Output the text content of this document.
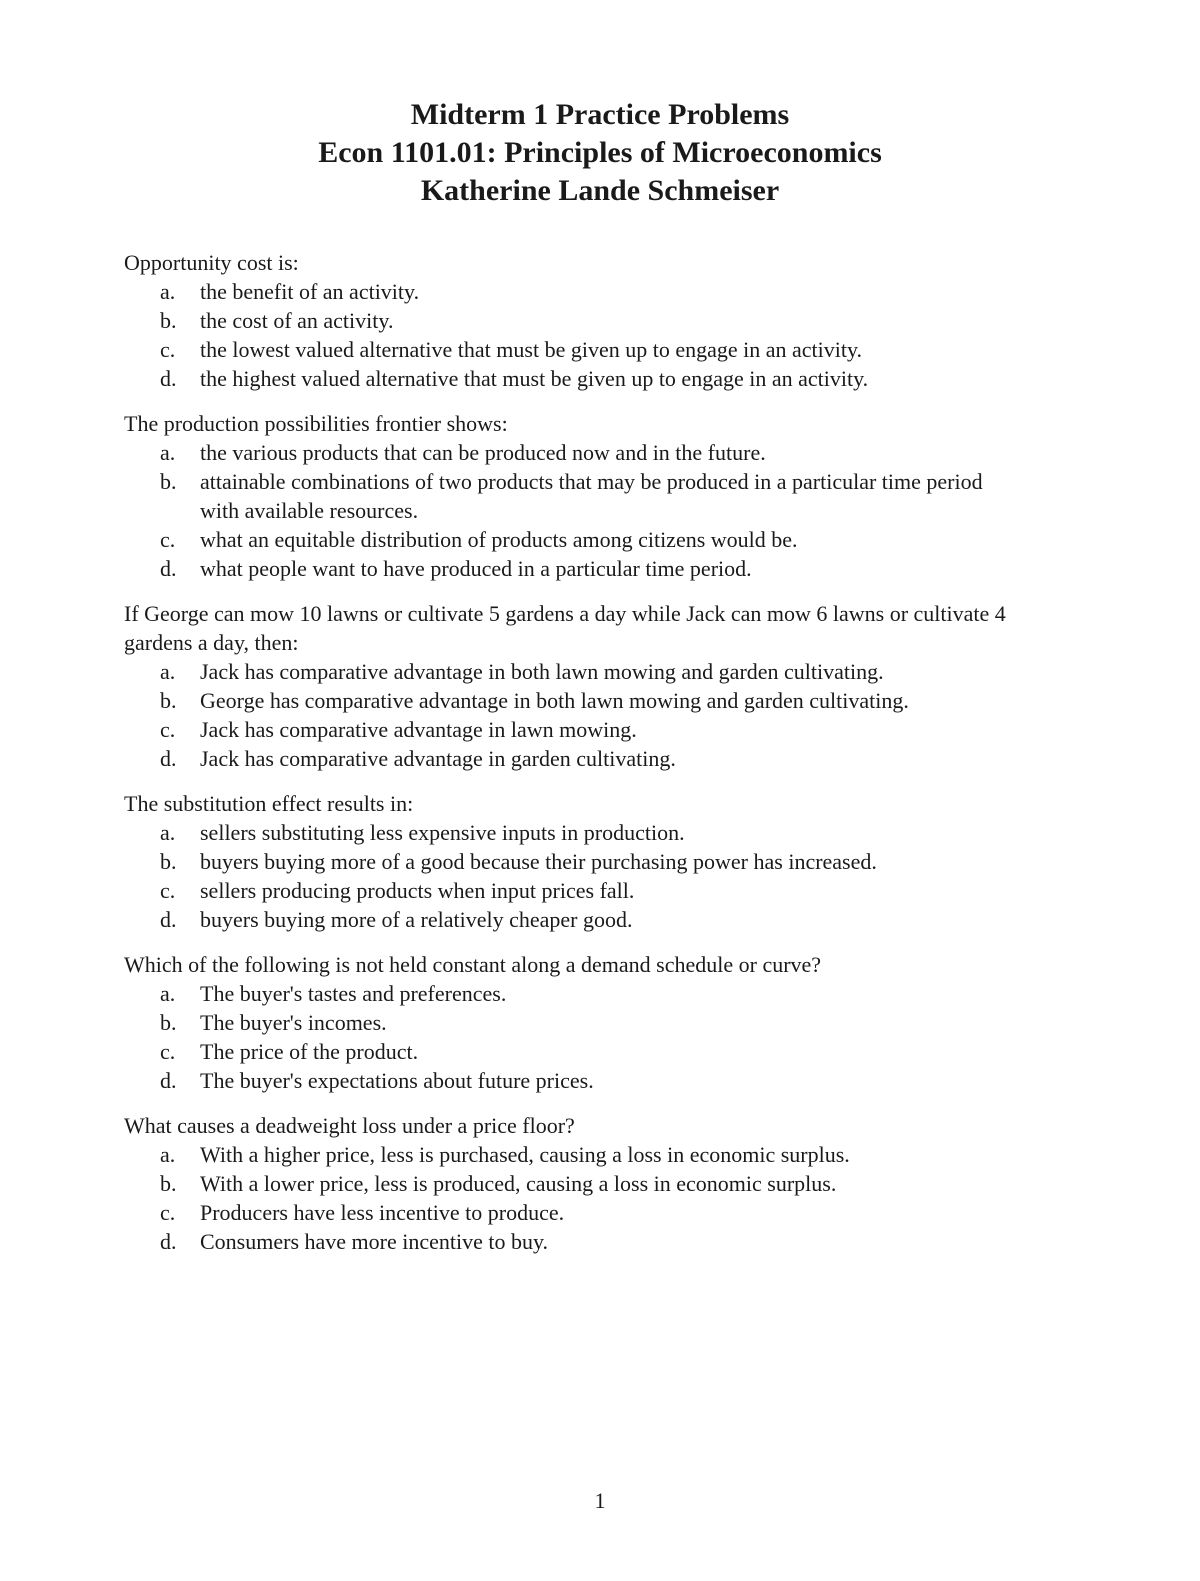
Midterm 1 Practice Problems
Econ 1101.01: Principles of Microeconomics
Katherine Lande Schmeiser

Opportunity cost is:

a.	the benefit of an activity.
b.	the cost of an activity.
c.	the lowest valued alternative that must be given up to engage in an activity.
d.	the highest valued alternative that must be given up to engage in an activity.

The production possibilities frontier shows:

a.	the various products that can be produced now and in the future.
b.	attainable combinations of two products that may be produced in a particular time period with available resources.
c.	what an equitable distribution of products among citizens would be.
d.	what people want to have produced in a particular time period.

If George can mow 10 lawns or cultivate 5 gardens a day while Jack can mow 6 lawns or cultivate 4 gardens a day, then:

a.	Jack has comparative advantage in both lawn mowing and garden cultivating.
b.	George has comparative advantage in both lawn mowing and garden cultivating.
c.	Jack has comparative advantage in lawn mowing.
d.	Jack has comparative advantage in garden cultivating.

The substitution effect results in:

a.	sellers substituting less expensive inputs in production.
b.	buyers buying more of a good because their purchasing power has increased.
c.	sellers producing products when input prices fall.
d.	buyers buying more of a relatively cheaper good.

Which of the following is not held constant along a demand schedule or curve?

a.	The buyer's tastes and preferences.
b.	The buyer's incomes.
c.	The price of the product.
d.	The buyer's expectations about future prices.

What causes a deadweight loss under a price floor?

a.	With a higher price, less is purchased, causing a loss in economic surplus.
b.	With a lower price, less is produced, causing a loss in economic surplus.
c.	Producers have less incentive to produce.
d.	Consumers have more incentive to buy.
1
